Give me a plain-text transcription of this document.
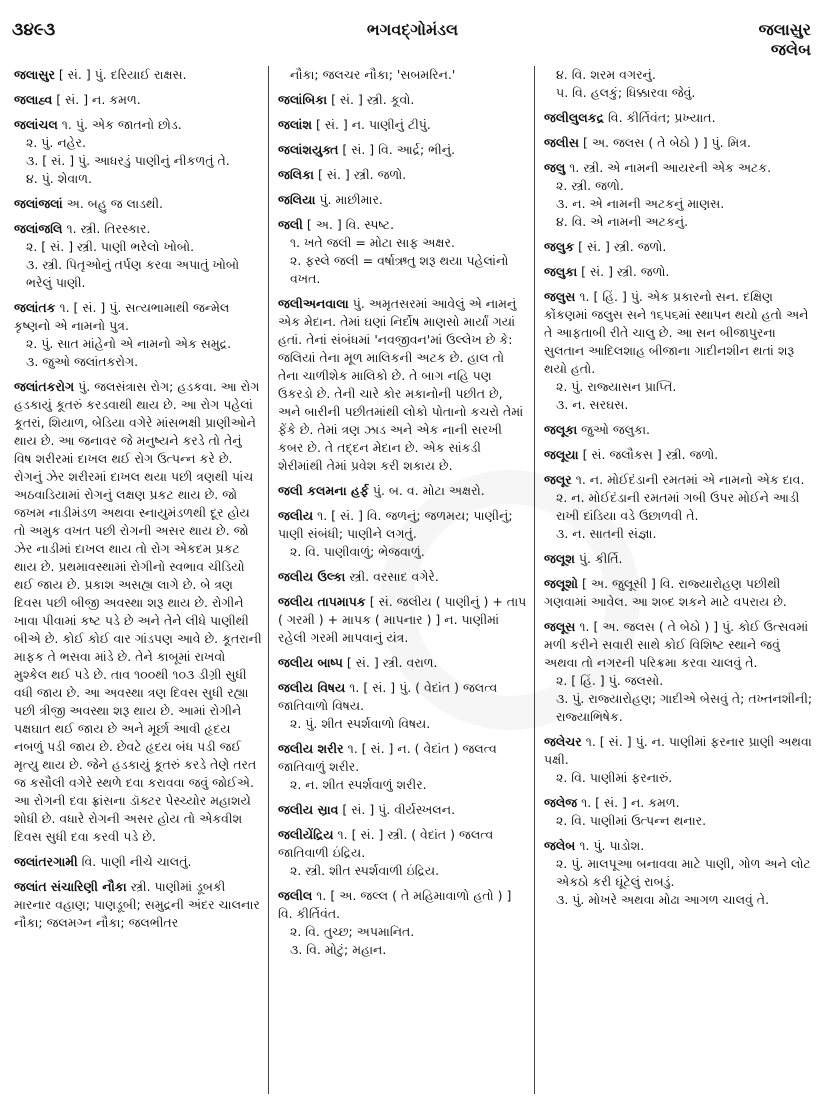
૩૪૯૩	ભગવદ્ગોમંડલ	જલાસુર
જલેબ

જલાસુર [ સં. ] પું. દરિયાઈ રાક્ષસ.

જલાહ્વ [ સં. ] ન. કમળ.

જલાંચલ ૧. પું. એક જાતનો છોડ.

૨. પું. નહેર.

૩. [ સં. ] પું. આધરડું પાણીનું નીકળતું તે.

૪. પું. શેવાળ.

જલાંજલાં અ. બહુ જ લાડથી.

જલાંજલિ ૧. સ્ત્રી. તિરસ્કાર.

૨. [ સં. ] સ્ત્રી. પાણી ભરેલો ખોબો.

૩. સ્ત્રી. પિતૃઓનું તર્પણ કરવા અપાતું ખોબો ભરેલું પાણી.

જલાંતક ૧. [ સં. ] પું. સત્યભામાથી જન્મેલ કૃષ્ણનો એ નામનો પુત્ર.

૨. પું. સાત માંહેનો એ નામનો એક સમુદ્ર.

૩. જુઓ જલાંતકરોગ.

જલાંતકરોગ પું. જલસંત્રાસ રોગ; હડકવા. આ રોગ હડકાયું કૂતરું કરડવાથી થાય છે. આ રોગ પહેલાં કૂતરાં, શિયાળ, બેડિયા વગેરે માંસભક્ષી પ્રાણીઓને થાય છે. આ જનાવર જે મનુષ્યને કરડે તો તેનું વિષ શરીરમાં દાખલ થઈ રોગ ઉત્પન્ન કરે છે. રોગનું ઝેર શરીરમાં દાખલ થયા પછી ત્રણથી પાંચ અઠવાડિયામાં રોગનું લક્ષણ પ્રકટ થાય છે. જો જખમ નાડીમંડળ અથવા સ્નાયુમંડળથી દૂર હોય તો અમુક વખત પછી રોગની અસર થાય છે. જો ઝેર નાડીમાં દાખલ થાય તો રોગ એકદમ પ્રકટ થાય છે. પ્રથમાવસ્થામાં રોગીનો સ્વભાવ ચીડિયો થઈ જાય છે. પ્રકાશ અસહ્ય લાગે છે. બે ત્રણ દિવસ પછી બીજી અવસ્થા શરૂ થાય છે. રોગીને ખાવા પીવામાં કષ્ટ પડે છે અને તેને લીધે પાણીથી બીએ છે. કોઈ કોઈ વાર ગાંડપણ આવે છે. કૂતરાની માફક તે ભસવા માંડે છે. તેને કાબૂમાં રાખવો મુશ્કેલ થઈ પડે છે. તાવ ૧૦૦થી ૧૦૩ ડીગ્રી સુધી વધી જાય છે. આ અવસ્થા ત્રણ દિવસ સુધી રહ્યા પછી ત્રીજી અવસ્થા શરૂ થાય છે. આમાં રોગીને પક્ષઘાત થઈ જાય છે અને મૂર્છા આવી હૃદય નબળું પડી જાય છે. છેવટે હૃદય બંધ પડી જઈ મૃત્યુ થાય છે. જેને હડકાયું કૂતરું કરડે તેણે તરત જ કસૌલી વગેરે સ્થળે દવા કરાવવા જવું જોઈએ. આ રોગની દવા ફ્રાંસના ડૉક્ટર પેસ્ચ્યોર મહાશયે શોધી છે. વધારે રોગની અસર હોય તો એકવીશ દિવસ સુધી દવા કરવી પડે છે.

જલાંતરગામી વિ. પાણી નીચે ચાલતું.

જલાંત સંચારિણી નૌકા સ્ત્રી. પાણીમાં ડૂબકી મારનાર વહાણ; પાણડૂબી; સમુદ્રની અંદર ચાલનાર નૌકા; જલમગ્ન નૌકા; જલભીતર

નૌકા; જલચર નૌકા; 'સબમરિન.'

જલાંબિકા [ સં. ] સ્ત્રી. કૂવો.

જલાંશ [ સં. ] ન. પાણીનું ટીપું.

જલાંશયુક્ત [ સં. ] વિ. આર્દ્ર; ભીનું.

જલિકા [ સં. ] સ્ત્રી. જળો.

જલિયા પું. માછીમાર.

જલી [ અ. ] વિ. સ્પષ્ટ.

૧. ખતે જલી = મોટા સાફ અક્ષર.

૨. ફસ્લે જલી = વર્ષાઋતુ શરૂ થયા પહેલાંનો વખત.

જલીઅનવાલા પું. અમૃતસરમાં આવેલું એ નામનું એક મેદાન. તેમાં ઘણાં નિર્દોષ માણસો માર્યાં ગયાં હતાં. તેનાં સંબંધમાં 'નવજીવન'માં ઉલ્લેખ છે કે: જલિયાં તેના મૂળ માલિકની અટક છે. હાલ તો તેના ચાળીશેક માલિકો છે. તે બાગ નહિ પણ ઉકરડો છે. તેની ચારે કોર મકાનોની પછીત છે, અને બારીની પછીતમાંથી લોકો પોતાનો કચરો તેમાં ફેંકે છે. તેમાં ત્રણ ઝાડ અને એક નાની સરખી કબર છે. તે તદ્દન મેદાન છે. એક સાંકડી શેરીમાંથી તેમાં પ્રવેશ કરી શકાય છે.

જલી કલમના હર્ફ પું. બ. વ. મોટા અક્ષરો.

જલીય ૧. [ સં. ] વિ. જળનું; જળમય; પાણીનું; પાણી સંબંધી; પાણીને લગતું.

૨. વિ. પાણીવાળું; ભેજવાળું.

જલીય ઉલ્કા સ્ત્રી. વરસાદ વગેરે.

જલીય તાપમાપક [ સં. જલીય ( પાણીનું ) + તાપ ( ગરમી ) + માપક ( માપનાર ) ] ન. પાણીમાં રહેલી ગરમી માપવાનું યંત્ર.

જલીય બાષ્પ [ સં. ] સ્ત્રી. વરાળ.

જલીય વિષય ૧. [ સં. ] પું. ( વેદાંત ) જલત્વ જાતિવાળો વિષય.

૨. પું. શીત સ્પર્શવાળો વિષય.

જલીય શરીર ૧. [ સં. ] ન. ( વેદાંત ) જલત્વ જાતિવાળું શરીર.

૨. ન. શીત સ્પર્શવાળું શરીર.

જલીય સ્રાવ [ સં. ] પું. વીર્યસ્ખલન.

જલીયેંદ્રિય ૧. [ સં. ] સ્ત્રી. ( વેદાંત ) જલત્વ જાતિવાળી ઇંદ્રિય.

૨. સ્ત્રી. શીત સ્પર્શવાળી ઇંદ્રિય.

જલીલ ૧. [ અ. જલ્લ ( તે મહિમાવાળો હતો ) ] વિ. કીર્તિવંત.

૨. વિ. તુચ્છ; અપમાનિત.

૩. વિ. મોટું; મહાન.

૪. વિ. શરમ વગરનું.

૫. વિ. હલકું; ધિક્કારવા જેવું.

જલીલુલકદ્ર વિ. કીર્તિવંત; પ્રખ્યાત.

જલીસ [ અ. જલસ ( તે બેઠો ) ] પું. મિત્ર.

જલુ ૧. સ્ત્રી. એ નામની આયરની એક અટક.

૨. સ્ત્રી. જળો.

૩. ન. એ નામની અટકનું માણસ.

૪. વિ. એ નામની અટકનું.

જલુક [ સં. ] સ્ત્રી. જળો.

જલુકા [ સં. ] સ્ત્રી. જળો.

જલુસ ૧. [ હિં. ] પું. એક પ્રકારનો સન. દક્ષિણ કોંકણમાં જલુસ સને ૧૬૫૬માં સ્થાપન થયો હતો અને તે આફતાબી રીતે ચાલુ છે. આ સન બીજાપુરના સુલતાન આદિલશાહ બીજાના ગાદીનશીન થતાં શરૂ થયો હતો.

૨. પું. રાજ્યાસન પ્રાપ્તિ.

૩. ન. સરઘસ.

જલૂકા જુઓ જલુકા.

જલૂયા [ સં. જલૌકસ ] સ્ત્રી. જળો.

જલૂર ૧. ન. મોઈદંડાની રમતમાં એ નામનો એક દાવ.

૨. ન. મોઈદંડાની રમતમાં ગબી ઉપર મોઈને આડી રાખી દાંડિયા વડે ઉછાળવી તે.

૩. ન. સાતની સંજ્ઞા.

જલૂશ પું. કીર્તિ.

જલૂશો [ અ. જુલૂસી ] વિ. રાજ્યારોહણ પછીથી ગણવામાં આવેલ. આ શબ્દ શકને માટે વપરાય છે.

જલૂસ ૧. [ અ. જલસ ( તે બેઠો ) ] પું. કોઈ ઉત્સવમાં મળી કરીને સવારી સાથે કોઈ વિશિષ્ટ સ્થાને જવું અથવા તો નગરની પરિક્રમા કરવા ચાલવું તે.

૨. [ હિં. ] પું. જલસો.

૩. પું. રાજ્યારોહણ; ગાદીએ બેસવું તે; તખ્તનશીની; રાજ્યાભિષેક.

જલેચર ૧. [ સં. ] પું. ન. પાણીમાં ફરનાર પ્રાણી અથવા પક્ષી.

૨. વિ. પાણીમાં ફરનારું.

જલેજ ૧. [ સં. ] ન. કમળ.

૨. વિ. પાણીમાં ઉત્પન્ન થનાર.

જલેબ ૧. પું. પાડોશ.

૨. પું. માલપૂઆ બનાવવા માટે પાણી, ગોળ અને લોટ એકઠો કરી ઘૂંટેલું રાબડું.

૩. પું. મોખરે અથવા મોઢા આગળ ચાલવું તે.
